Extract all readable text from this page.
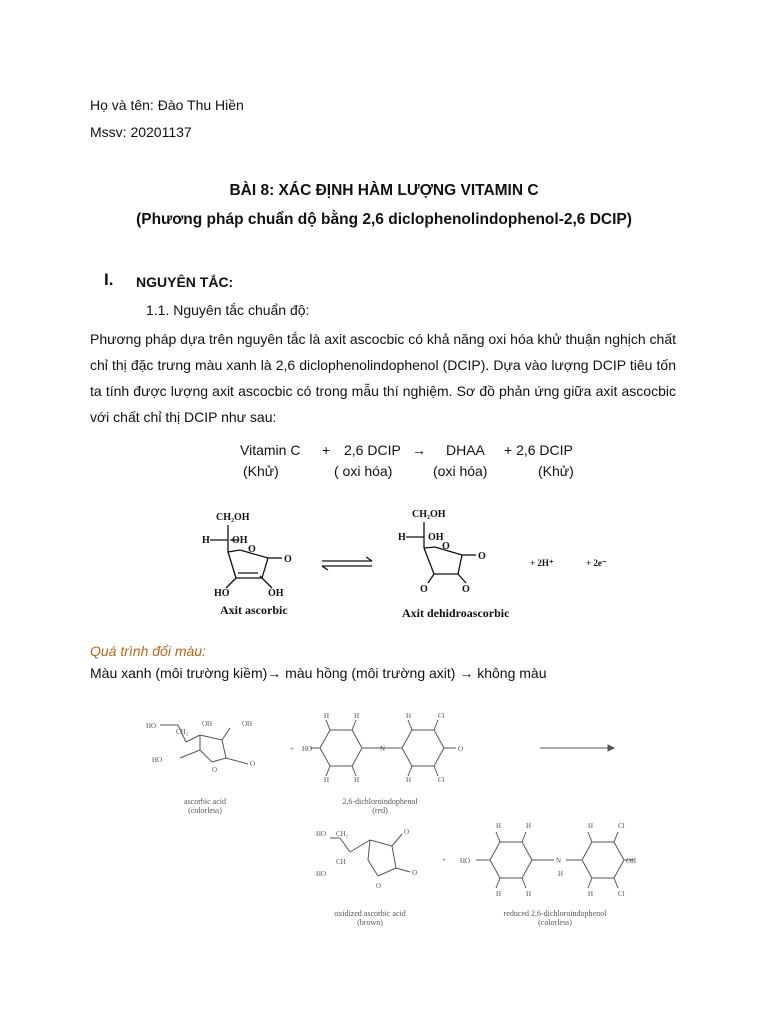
Họ và tên: Đào Thu Hiền
Mssv: 20201137
BÀI 8: XÁC ĐỊNH HÀM LƯỢNG VITAMIN C
(Phương pháp chuẩn dộ bằng 2,6 diclophenolindophenol-2,6 DCIP)
I. NGUYÊN TẮC:
1.1. Nguyên tắc chuẩn độ:
Phương pháp dựa trên nguyên tắc là axit ascocbic có khả năng oxi hóa khử thuận nghịch chất chỉ thị đặc trưng màu xanh là 2,6 diclophenolindophenol (DCIP). Dựa vào lượng DCIP tiêu tốn ta tính được lượng axit ascocbic có trong mẫu thí nghiệm. Sơ đồ phản ứng giữa axit ascocbic với chất chỉ thị DCIP như sau:
Vitamin C + 2,6 DCIP → DHAA + 2,6 DCIP
(Khử)	( oxi hóa)	(oxi hóa)	(Khử)
CH₂OH
H OH
O
O
HO	OH
CH₂OH
H OH
O
O
O	O
+ 2H⁺	+ 2e⁻
Axit ascorbic	Axit dehidroascorbic
Quá trình đổi màu:
Màu xanh (môi trường kiềm)→ màu hồng (môi trường axit) → không màu
HO
CH₂
HO
OH	OH
O
O
+ HO
H	H
H	H
N
H	Cl
H	Cl
O
HO CH₂
CH
HO
O
O
O
+ HO
H	H
H	H
N
H
H	Cl
H	Cl
OH
ascorbic acid
(colorless)
2,6-dichloroindophenol
(red)
oxidized ascorbic acid
(brown)
reduced 2,6-dichloroindophenol
(colorless)
